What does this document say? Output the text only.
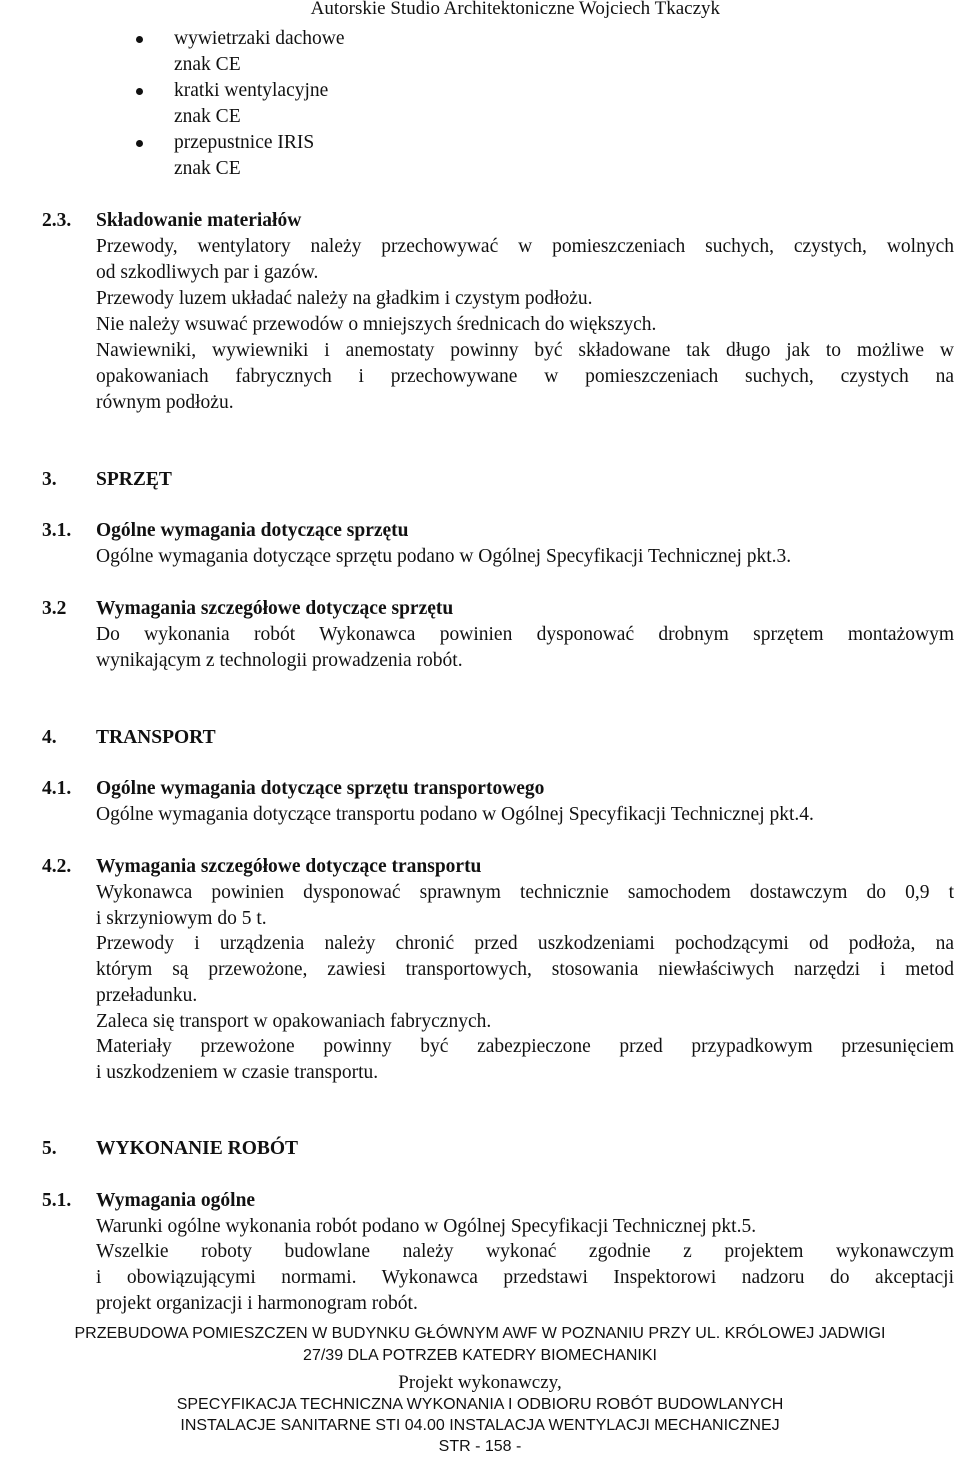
Autorskie Studio Architektoniczne Wojciech Tkaczyk
wywietrzaki dachowe
znak CE
kratki wentylacyjne
znak CE
przepustnice IRIS
znak CE
2.3. Składowanie materiałów
Przewody, wentylatory należy przechowywać w pomieszczeniach suchych, czystych, wolnych
od szkodliwych par i gazów.
Przewody luzem układać należy na gładkim i czystym podłożu.
Nie należy wsuwać przewodów o mniejszych średnicach do większych.
Nawiewniki, wywiewniki i anemostaty powinny być składowane tak długo jak to możliwe w
opakowaniach fabrycznych i przechowywane w pomieszczeniach suchych, czystych na
równym podłożu.
3. SPRZĘT
3.1. Ogólne wymagania dotyczące sprzętu
Ogólne wymagania dotyczące sprzętu podano w Ogólnej Specyfikacji Technicznej pkt.3.
3.2 Wymagania szczegółowe dotyczące sprzętu
Do wykonania robót Wykonawca powinien dysponować drobnym sprzętem montażowym
wynikającym z technologii prowadzenia robót.
4. TRANSPORT
4.1. Ogólne wymagania dotyczące sprzętu transportowego
Ogólne wymagania dotyczące transportu podano w Ogólnej Specyfikacji Technicznej pkt.4.
4.2. Wymagania szczegółowe dotyczące transportu
Wykonawca powinien dysponować sprawnym technicznie samochodem dostawczym do 0,9 t
i skrzyniowym do 5 t.
Przewody i urządzenia należy chronić przed uszkodzeniami pochodzącymi od podłoża, na
którym są przewożone, zawiesi transportowych, stosowania niewłaściwych narzędzi i metod
przeładunku.
Zaleca się transport w opakowaniach fabrycznych.
Materiały przewożone powinny być zabezpieczone przed przypadkowym przesunięciem
i uszkodzeniem w czasie transportu.
5. WYKONANIE ROBÓT
5.1. Wymagania ogólne
Warunki ogólne wykonania robót podano w Ogólnej Specyfikacji Technicznej pkt.5.
Wszelkie roboty budowlane należy wykonać zgodnie z projektem wykonawczym
i obowiązującymi normami. Wykonawca przedstawi Inspektorowi nadzoru do akceptacji
projekt organizacji i harmonogram robót.
PRZEBUDOWA POMIESZCZEN W BUDYNKU GŁÓWNYM AWF W POZNANIU PRZY UL. KRÓLOWEJ JADWIGI
27/39 DLA POTRZEB KATEDRY BIOMECHANIKI
Projekt wykonawczy,
SPECYFIKACJA TECHNICZNA WYKONANIA I ODBIORU ROBÓT BUDOWLANYCH
INSTALACJE SANITARNE STI 04.00 INSTALACJA WENTYLACJI MECHANICZNEJ
STR - 158 -
